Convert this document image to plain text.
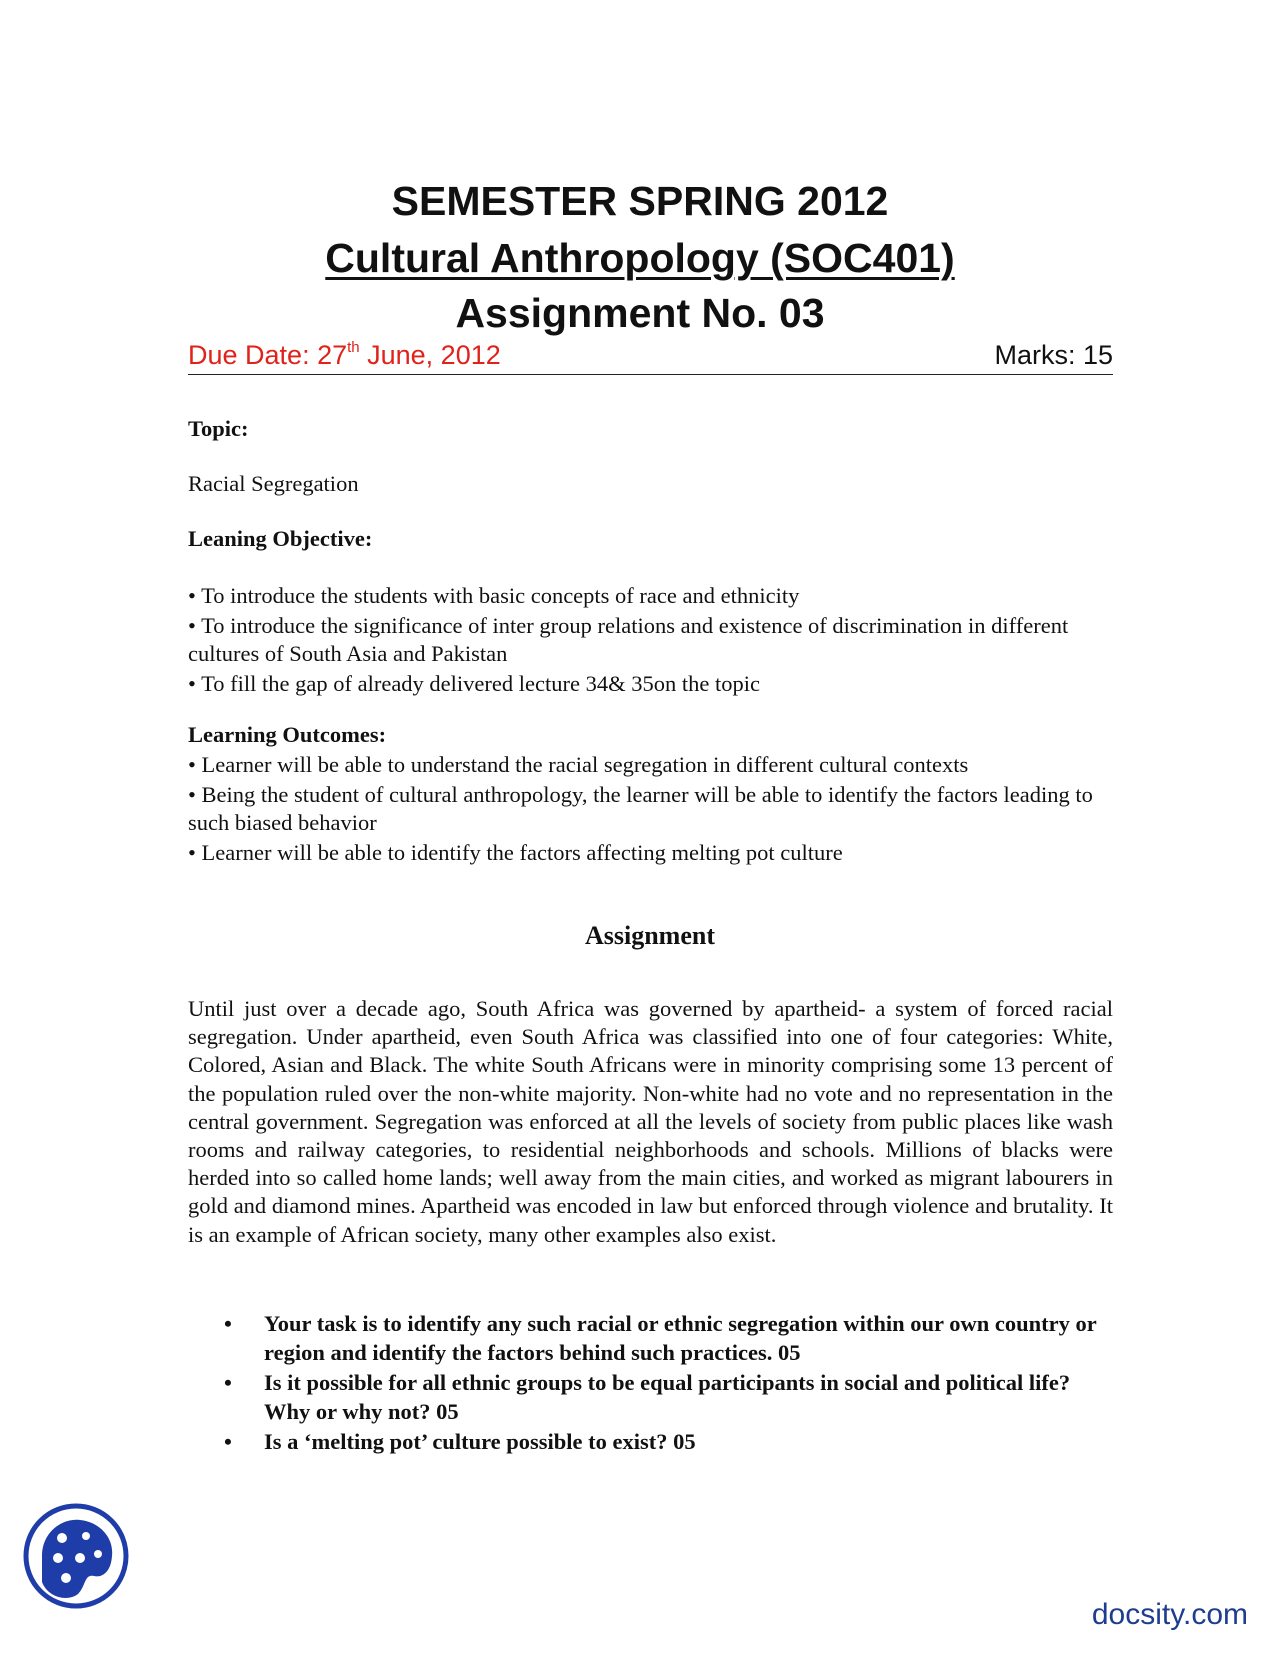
SEMESTER SPRING 2012
Cultural Anthropology (SOC401)
Assignment No. 03
Due Date: 27th June, 2012	Marks: 15
Topic:
Racial Segregation
Leaning Objective:

• To introduce the students with basic concepts of race and ethnicity

• To introduce the significance of inter group relations and existence of discrimination in different cultures of South Asia and Pakistan

• To fill the gap of already delivered lecture 34& 35on the topic

Learning Outcomes:

• Learner will be able to understand the racial segregation in different cultural contexts

• Being the student of cultural anthropology, the learner will be able to identify the factors leading to such biased behavior

• Learner will be able to identify the factors affecting melting pot culture

Assignment

Until just over a decade ago, South Africa was governed by apartheid- a system of forced racial segregation. Under apartheid, even South Africa was classified into one of four categories: White, Colored, Asian and Black. The white South Africans were in minority comprising some 13 percent of the population ruled over the non-white majority. Non-white had no vote and no representation in the central government. Segregation was enforced at all the levels of society from public places like wash rooms and railway categories, to residential neighborhoods and schools. Millions of blacks were herded into so called home lands; well away from the main cities, and worked as migrant labourers in gold and diamond mines. Apartheid was encoded in law but enforced through violence and brutality. It is an example of African society, many other examples also exist.

• Your task is to identify any such racial or ethnic segregation within our own country or region and identify the factors behind such practices. 05
• Is it possible for all ethnic groups to be equal participants in social and political life? Why or why not? 05
• Is a ‘melting pot’ culture possible to exist? 05
docsity.com
